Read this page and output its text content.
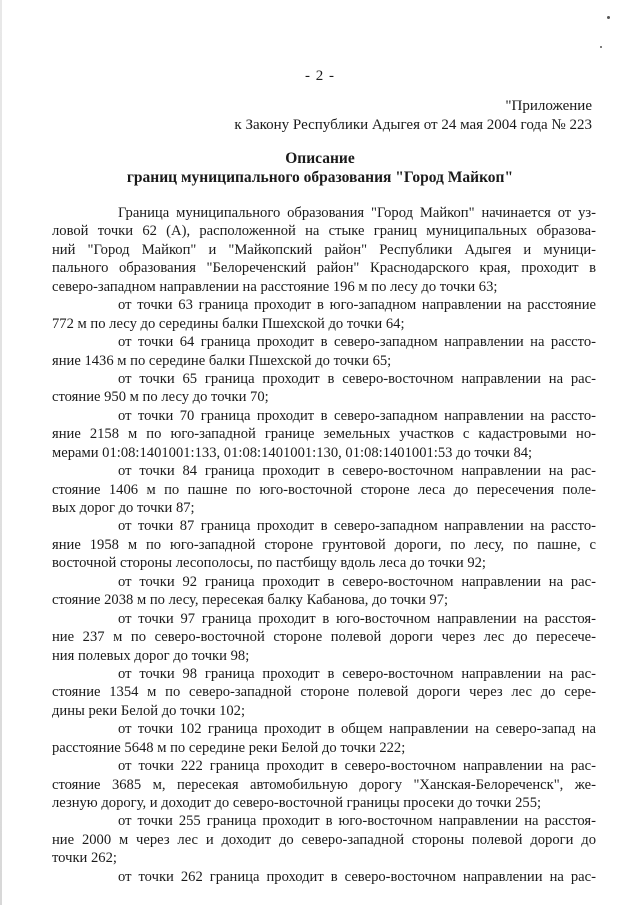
- 2 -
"Приложение
к Закону Республики Адыгея от 24 мая 2004 года № 223
Описание
границ муниципального образования "Город Майкоп"
Граница муниципального образования "Город Майкоп" начинается от уз-
ловой точки 62 (А), расположенной на стыке границ муниципальных образова-
ний "Город Майкоп" и "Майкопский район" Республики Адыгея и муници-
пального образования "Белореченский район" Краснодарского края, проходит в
северо-западном направлении на расстояние 196 м по лесу до точки 63;
от точки 63 граница проходит в юго-западном направлении на расстояние
772 м по лесу до середины балки Пшехской до точки 64;
от точки 64 граница проходит в северо-западном направлении на рассто-
яние 1436 м по середине балки Пшехской до точки 65;
от точки 65 граница проходит в северо-восточном направлении на рас-
стояние 950 м по лесу до точки 70;
от точки 70 граница проходит в северо-западном направлении на рассто-
яние 2158 м по юго-западной границе земельных участков с кадастровыми но-
мерами 01:08:1401001:133, 01:08:1401001:130, 01:08:1401001:53 до точки 84;
от точки 84 граница проходит в северо-восточном направлении на рас-
стояние 1406 м по пашне по юго-восточной стороне леса до пересечения поле-
вых дорог до точки 87;
от точки 87 граница проходит в северо-западном направлении на рассто-
яние 1958 м по юго-западной стороне грунтовой дороги, по лесу, по пашне, с
восточной стороны лесополосы, по пастбищу вдоль леса до точки 92;
от точки 92 граница проходит в северо-восточном направлении на рас-
стояние 2038 м по лесу, пересекая балку Кабанова, до точки 97;
от точки 97 граница проходит в юго-восточном направлении на расстоя-
ние 237 м по северо-восточной стороне полевой дороги через лес до пересече-
ния полевых дорог до точки 98;
от точки 98 граница проходит в северо-восточном направлении на рас-
стояние 1354 м по северо-западной стороне полевой дороги через лес до сере-
дины реки Белой до точки 102;
от точки 102 граница проходит в общем направлении на северо-запад на
расстояние 5648 м по середине реки Белой до точки 222;
от точки 222 граница проходит в северо-восточном направлении на рас-
стояние 3685 м, пересекая автомобильную дорогу "Ханская-Белореченск", же-
лезную дорогу, и доходит до северо-восточной границы просеки до точки 255;
от точки 255 граница проходит в юго-восточном направлении на расстоя-
ние 2000 м через лес и доходит до северо-западной стороны полевой дороги до
точки 262;
от точки 262 граница проходит в северо-восточном направлении на рас-
